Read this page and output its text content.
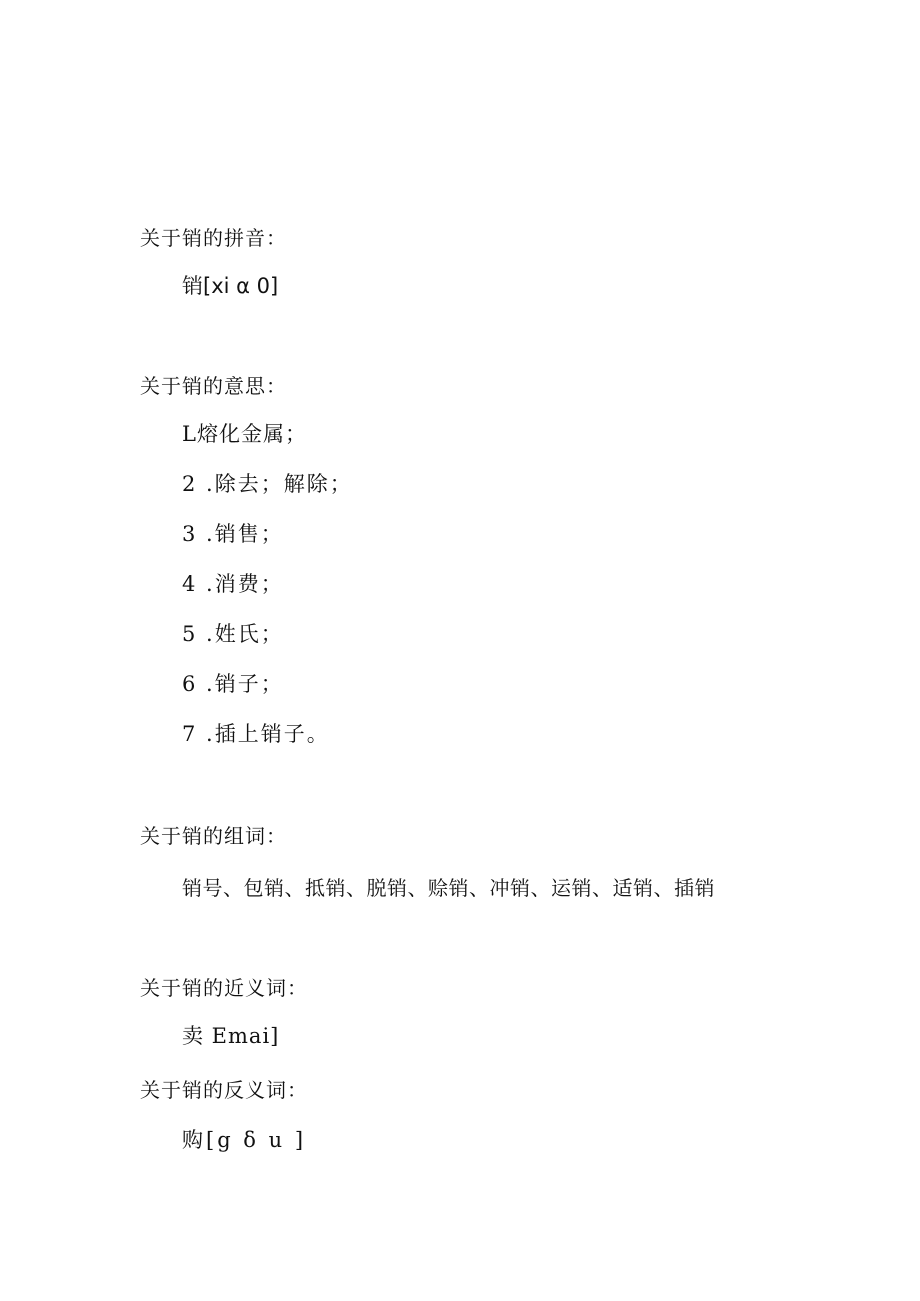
关于销的拼音：
销[xi α 0]
关于销的意思：
L熔化金属；
2 .除去；解除；
3 .销售；
4 .消费；
5 .姓氏；
6 .销子；
7 .插上销子。
关于销的组词：
销号、包销、抵销、脱销、赊销、冲销、运销、适销、插销
关于销的近义词：
卖 Emai]
关于销的反义词：
购[g δ u ]
